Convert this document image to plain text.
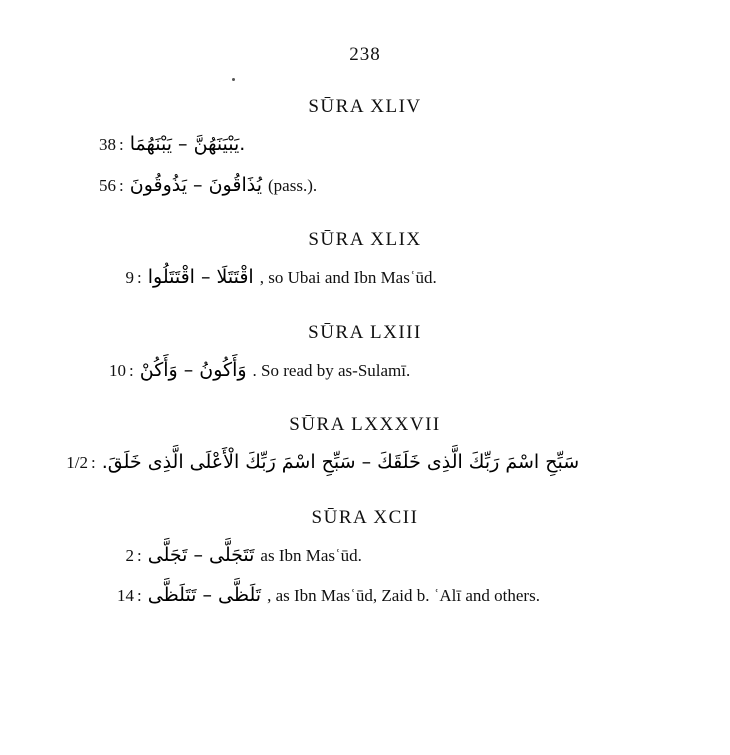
238
SŪRA XLIV
38 : ‎.يَبْيَنَهُنَّ – يَبْنَهُمَا
56 : يُذَاقُونَ – يَذُوقُونَ (pass.).
SŪRA XLIX
9 : اقْتَتَلَا – اقْتَتَلُوا , so Ubai and Ibn Masʿūd.
SŪRA LXIII
10 : وَأَكُونُ – وَأَكُنْ . So read by as-Sulamī.
SŪRA LXXXVII
1/2 : سَبِّحِ اسْمَ رَبِّكَ الَّذِى خَلَقَكَ – سَبِّحِ اسْمَ رَبِّكَ الْأَعْلَى الَّذِى خَلَقَ.
SŪRA XCII
2 : تَتَجَلَّى – تَجَلَّى as Ibn Masʿūd.
14 : تَلَظَّى – تَتَلَظَّى , as Ibn Masʿūd, Zaid b. ʿAlī and others.
